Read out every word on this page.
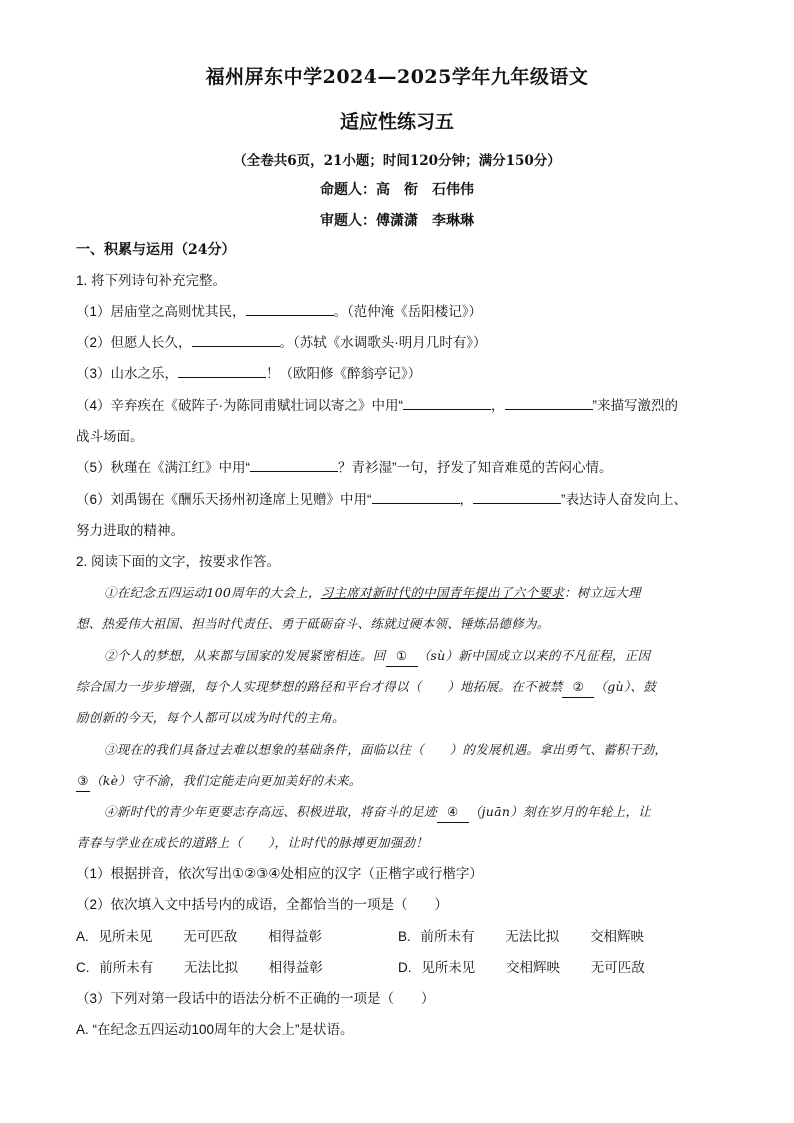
福州屏东中学2024—2025学年九年级语文
适应性练习五
（全卷共6页，21小题；时间120分钟；满分150分）
命题人：高　衔　石伟伟
审题人：傅潇潇　李琳琳
一、积累与运用（24分）
1. 将下列诗句补充完整。
（1）居庙堂之高则忧其民，	。（范仲淹《岳阳楼记》）
（2）但愿人长久，	。（苏轼《水调歌头·明月几时有》）
（3）山水之乐，	！（欧阳修《醉翁亭记》）
（4）辛弃疾在《破阵子·为陈同甫赋壮词以寄之》中用“	，	”来描写激烈的
战斗场面。
（5）秋瑾在《满江红》中用“	？青衫湿”一句，抒发了知音难觅的苦闷心情。
（6）刘禹锡在《酬乐天扬州初逢席上见赠》中用“	，	”表达诗人奋发向上、
努力进取的精神。
2. 阅读下面的文字，按要求作答。
①在纪念五四运动100周年的大会上，习主席对新时代的中国青年提出了六个要求：树立远大理
想、热爱伟大祖国、担当时代责任、勇于砥砺奋斗、练就过硬本领、锤炼品德修为。
②个人的梦想，从来都与国家的发展紧密相连。回 ① （sù）新中国成立以来的不凡征程，正因
综合国力一步步增强，每个人实现梦想的路径和平台才得以（　　）地拓展。在不被禁 ② （gù）、鼓
励创新的今天，每个人都可以成为时代的主角。
③现在的我们具备过去难以想象的基础条件，面临以往（　　）的发展机遇。拿出勇气、蓄积干劲，
③（kè）守不渝，我们定能走向更加美好的未来。
④新时代的青少年更要志存高远、积极进取，将奋斗的足迹 ④ （juān）刻在岁月的年轮上，让
青春与学业在成长的道路上（　　），让时代的脉搏更加强劲！
（1）根据拼音，依次写出①②③④处相应的汉字（正楷字或行楷字）
（2）依次填入文中括号内的成语，全都恰当的一项是（　　）
A. 见所未见 无可匹敌 相得益彰	B. 前所未有 无法比拟 交相辉映
C. 前所未有 无法比拟 相得益彰	D. 见所未见 交相辉映 无可匹敌
（3）下列对第一段话中的语法分析不正确的一项是（　　）
A. “在纪念五四运动100周年的大会上”是状语。
